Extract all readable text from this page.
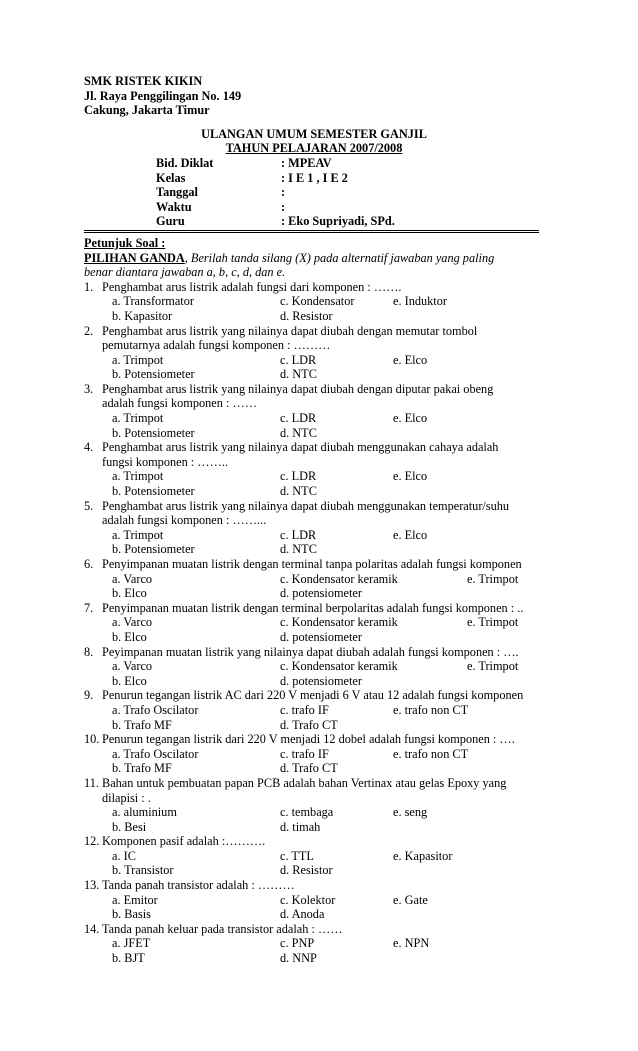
SMK RISTEK KIKIN
Jl. Raya Penggilingan No. 149
Cakung, Jakarta Timur
ULANGAN UMUM SEMESTER GANJIL
TAHUN PELAJARAN 2007/2008
Bid. Diklat	: MPEAV
Kelas	: I E 1 , I E 2
Tanggal	:
Waktu	:
Guru	: Eko Supriyadi, SPd.
Petunjuk Soal :
PILIHAN GANDA, Berilah tanda silang (X) pada alternatif jawaban yang paling
benar diantara jawaban a, b, c, d, dan e.
1. Penghambat arus listrik adalah fungsi dari komponen : …….
a. Transformator	c. Kondensator	e. Induktor
b. Kapasitor	d. Resistor
2. Penghambat arus listrik yang nilainya dapat diubah dengan memutar tombol
pemutarnya adalah fungsi komponen : ………
a. Trimpot	c. LDR	e. Elco
b. Potensiometer	d. NTC
3. Penghambat arus listrik yang nilainya dapat diubah dengan diputar pakai obeng
adalah fungsi komponen : ……
a. Trimpot	c. LDR	e. Elco
b. Potensiometer	d. NTC
4. Penghambat arus listrik yang nilainya dapat diubah menggunakan cahaya adalah
fungsi komponen : ……..
a. Trimpot	c. LDR	e. Elco
b. Potensiometer	d. NTC
5. Penghambat arus listrik yang nilainya dapat diubah menggunakan temperatur/suhu
adalah fungsi komponen : ……...
a. Trimpot	c. LDR	e. Elco
b. Potensiometer	d. NTC
6. Penyimpanan muatan listrik dengan terminal tanpa polaritas adalah fungsi komponen
a. Varco	c. Kondensator keramik	e. Trimpot
b. Elco	d. potensiometer
7. Penyimpanan muatan listrik dengan terminal berpolaritas adalah fungsi komponen : ..
a. Varco	c. Kondensator keramik	e. Trimpot
b. Elco	d. potensiometer
8. Peyimpanan muatan listrik yang nilainya dapat diubah adalah fungsi komponen : ….
a. Varco	c. Kondensator keramik	e. Trimpot
b. Elco	d. potensiometer
9. Penurun tegangan listrik AC dari 220 V menjadi 6 V atau 12 adalah fungsi komponen
a. Trafo Oscilator	c. trafo IF	e. trafo non CT
b. Trafo MF	d. Trafo CT
10. Penurun tegangan listrik dari 220 V menjadi 12 dobel adalah fungsi komponen : ….
a. Trafo Oscilator	c. trafo IF	e. trafo non CT
b. Trafo MF	d. Trafo CT
11. Bahan untuk pembuatan papan PCB adalah bahan Vertinax atau gelas Epoxy yang
dilapisi : .
a. aluminium	c. tembaga	e. seng
b. Besi	d. timah
12. Komponen pasif adalah :……….
a. IC	c. TTL	e. Kapasitor
b. Transistor	d. Resistor
13. Tanda panah transistor adalah : ………
a. Emitor	c. Kolektor	e. Gate
b. Basis	d. Anoda
14. Tanda panah keluar pada transistor adalah : ……
a. JFET	c. PNP	e. NPN
b. BJT	d. NNP
